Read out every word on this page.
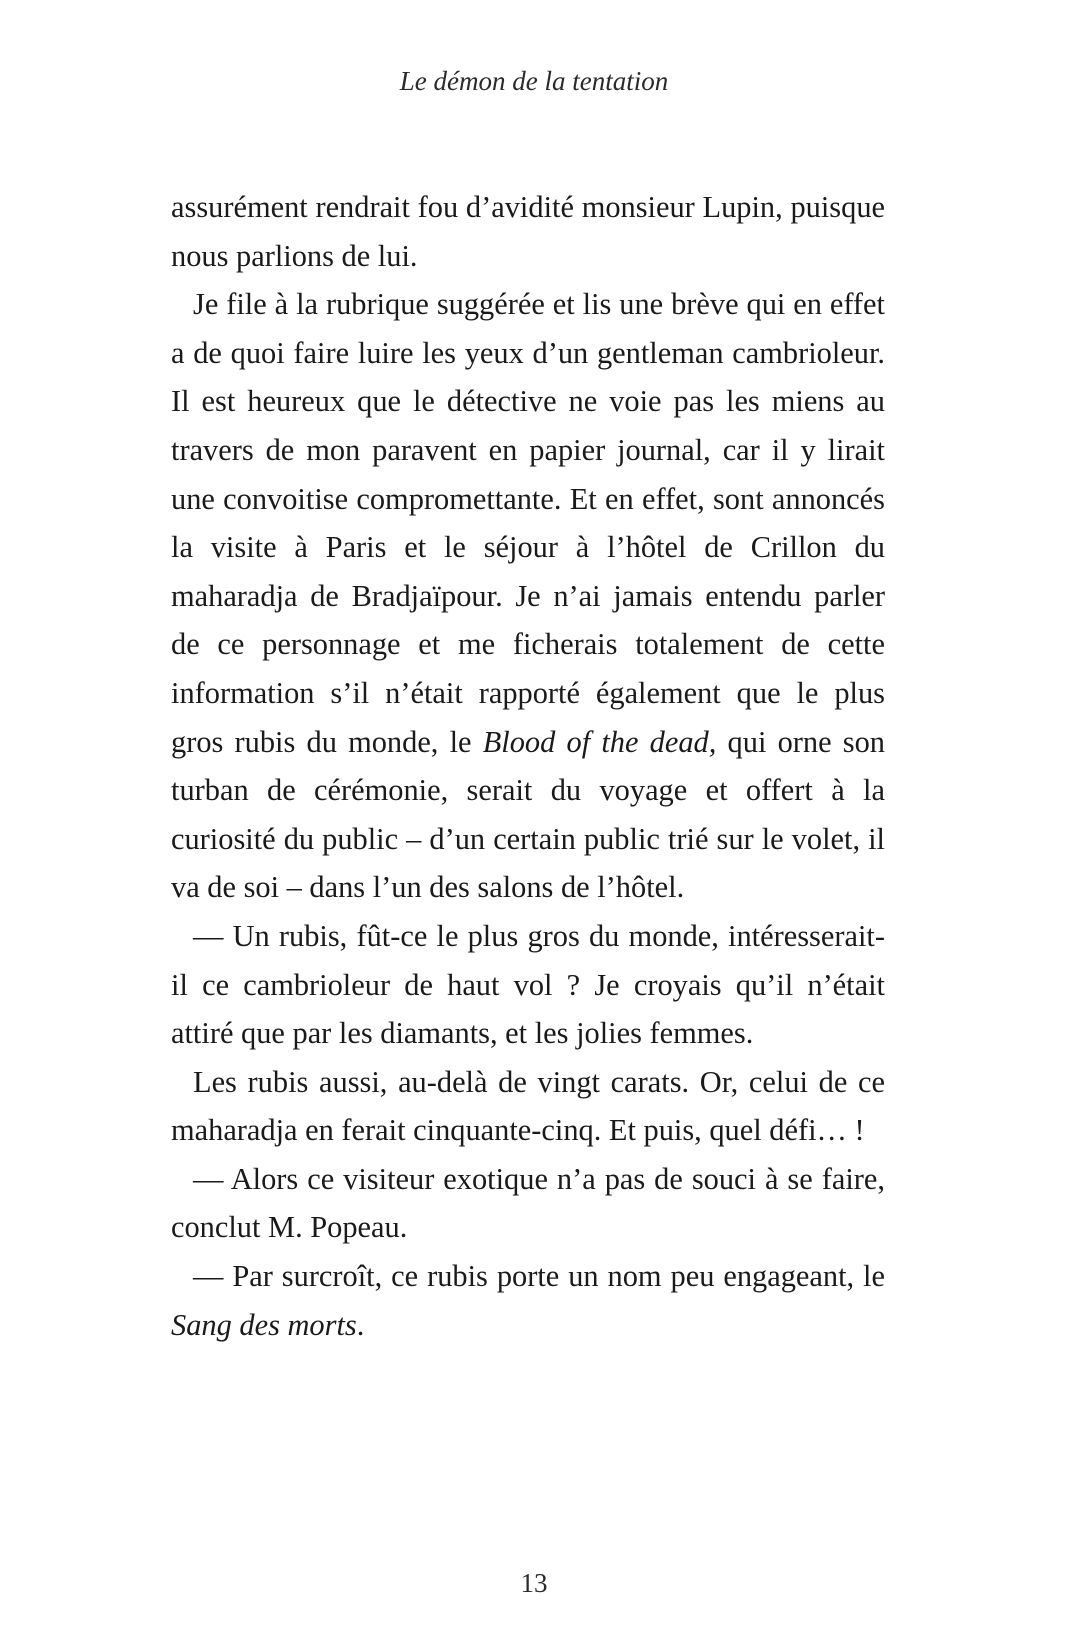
Le démon de la tentation

assurément rendrait fou d’avidité monsieur Lupin, puisque nous parlions de lui.

Je file à la rubrique suggérée et lis une brève qui en effet a de quoi faire luire les yeux d’un gentleman cambrioleur. Il est heureux que le détective ne voie pas les miens au travers de mon paravent en papier journal, car il y lirait une convoitise compromettante. Et en effet, sont annoncés la visite à Paris et le séjour à l’hôtel de Crillon du maharadja de Bradjaïpour. Je n’ai jamais entendu parler de ce personnage et me ficherais totalement de cette information s’il n’était rapporté également que le plus gros rubis du monde, le Blood of the dead, qui orne son turban de cérémonie, serait du voyage et offert à la curiosité du public – d’un certain public trié sur le volet, il va de soi – dans l’un des salons de l’hôtel.

— Un rubis, fût-ce le plus gros du monde, intéresserait-il ce cambrioleur de haut vol ? Je croyais qu’il n’était attiré que par les diamants, et les jolies femmes.

Les rubis aussi, au-delà de vingt carats. Or, celui de ce maharadja en ferait cinquante-cinq. Et puis, quel défi… !

— Alors ce visiteur exotique n’a pas de souci à se faire, conclut M. Popeau.

— Par surcroît, ce rubis porte un nom peu engageant, le Sang des morts.

13
